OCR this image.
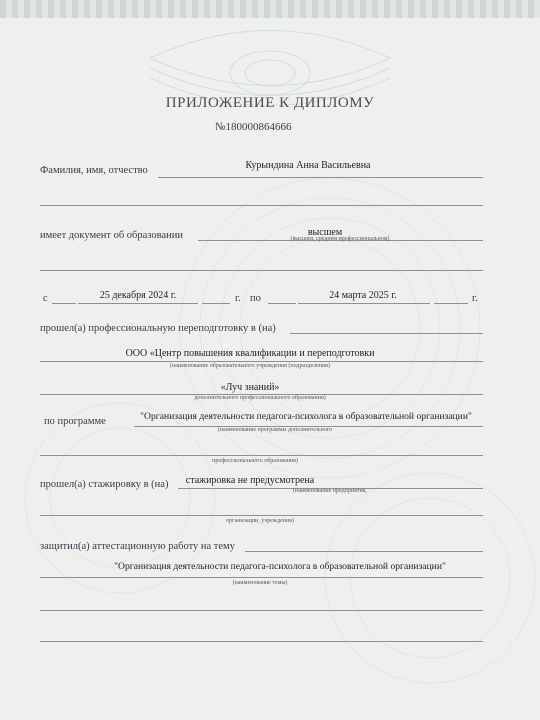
ПРИЛОЖЕНИЕ К ДИПЛОМУ
№180000864666
Фамилия, имя, отчество	Курындина Анна Васильевна
имеет документ об образовании	высшем
(высшем, среднем профессиональном)
с	25 декабря 2024 г.	г. по	24 марта 2025 г.	г.
прошел(а) профессиональную переподготовку в (на)
ООО «Центр повышения квалификации и переподготовки
(наименование образовательного учреждения (подразделения)
«Луч знаний»
дополнительного профессионального образования)
по программе	"Организация деятельности педагога-психолога в образовательной организации"
(наименование программы дополнительного
профессионального образования)
прошел(а) стажировку в (на)	стажировка не предусмотрена
(наименование предприятия,
организации, учреждения)
защитил(а) аттестационную работу на тему
"Организация деятельности педагога-психолога в образовательной организации"
(наименование темы)
